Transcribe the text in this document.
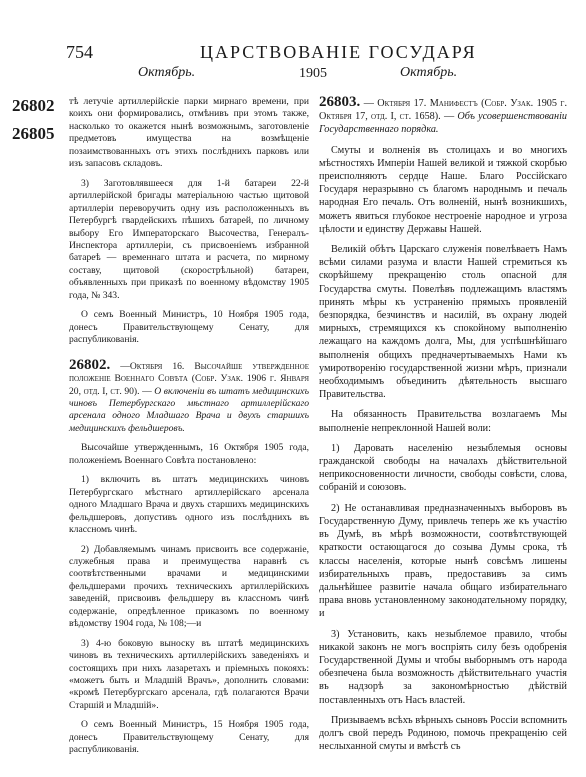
754	ЦАРСТВОВАНІЕ ГОСУДАРЯ
Октябрь.	1905	Октябрь.
26802
26805

тѣ летучіе артиллерійскіе парки мирнаго времени, при коихъ они формировались, отмѣнивъ при этомъ также, насколько то окажется нынѣ возможнымъ, заготовленіе предметовъ имущества на возмѣщеніе позаимствованныхъ отъ этихъ послѣднихъ парковъ или изъ запасовъ складовъ.

3) Заготовлявшееся для 1-й батареи 22-й артиллерійской бригады матеріальною частью щитовой артиллеріи переворучить одну изъ расположенныхъ въ Петербургѣ гвардейскихъ пѣшихъ батарей, по личному выбору Его Императорскаго Высочества, Генералъ-Инспектора артиллеріи, съ присвоеніемъ избранной батареѣ — временнаго штата и расчета, по мирному составу, щитовой (скорострѣльной) батареи, объявленныхъ при приказѣ по военному вѣдомству 1905 года, № 343.

О семъ Военный Министръ, 10 Ноября 1905 года, донесъ Правительствующему Сенату, для распубликованія.

26802. —Октября 16. Высочайше утвержденное положеніе Военнаго Совѣта (Собр. Узак. 1906 г. Января 20, отд. I, ст. 90). — О включеніи въ штатъ медицинскихъ чиновъ Петербургскаго мѣстнаго артиллерійскаго арсенала одного Младшаго Врача и двухъ старшихъ медицинскихъ фельдшеровъ.

Высочайше утвержденнымъ, 16 Октября 1905 года, положеніемъ Военнаго Совѣта постановлено:

1) включить въ штатъ медицинскихъ чиновъ Петербургскаго мѣстнаго артиллерійскаго арсенала одного Младшаго Врача и двухъ старшихъ медицинскихъ фельдшеровъ, допустивъ одного изъ послѣднихъ въ классномъ чинѣ.

2) Добавляемымъ чинамъ присвоить все содержаніе, служебныя права и преимущества наравнѣ съ соотвѣтственными врачами и медицинскими фельдшерами прочихъ техническихъ артиллерійскихъ заведеній, присвоивъ фельдшеру въ классномъ чинѣ содержаніе, опредѣленное приказомъ по военному вѣдомству 1904 года, № 108;—и

3) 4-ю боковую выноску въ штатѣ медицинскихъ чиновъ въ техническихъ артиллерійскихъ заведеніяхъ и состоящихъ при нихъ лазаретахъ и пріемныхъ покояхъ: «можетъ быть и Младшій Врачъ», дополнить словами: «кромѣ Петербургскаго арсенала, гдѣ полагаются Врачи Старшій и Младшій».

О семъ Военный Министръ, 15 Ноября 1905 года, донесъ Правительствующему Сенату, для распубликованія.

26803. — Октября 17. Манифестъ (Собр. Узак. 1905 г. Октября 17, отд. I, ст. 1658). — Объ усовершенствованіи Государственнаго порядка.

Смуты и волненія въ столицахъ и во многихъ мѣстностяхъ Имперіи Нашей великой и тяжкой скорбью преисполняютъ сердце Наше. Благо Россійскаго Государя неразрывно съ благомъ народнымъ и печаль народная Его печаль. Отъ волненій, нынѣ возникшихъ, можетъ явиться глубокое нестроеніе народное и угроза цѣлости и единству Державы Нашей.

Великій обѣтъ Царскаго служенія повелѣваетъ Намъ всѣми силами разума и власти Нашей стремиться къ скорѣйшему прекращенію столь опасной для Государства смуты. Повелѣвъ подлежащимъ властямъ принять мѣры къ устраненію прямыхъ проявленій безпорядка, безчинствъ и насилій, въ охрану людей мирныхъ, стремящихся къ спокойному выполненію лежащаго на каждомъ долга, Мы, для успѣшнѣйшаго выполненія общихъ предначертываемыхъ Нами къ умиротворенію государственной жизни мѣръ, признали необходимымъ объединить дѣятельность высшаго Правительства.

На обязанность Правительства возлагаемъ Мы выполненіе непреклонной Нашей воли:

1) Даровать населенію незыблемыя основы гражданской свободы на началахъ дѣйствительной неприкосновенности личности, свободы совѣсти, слова, собраній и союзовъ.

2) Не останавливая предназначенныхъ выборовъ въ Государственную Думу, привлечь теперь же къ участію въ Думѣ, въ мѣрѣ возможности, соотвѣтствующей краткости остающагося до созыва Думы срока, тѣ классы населенія, которые нынѣ совсѣмъ лишены избирательныхъ правъ, предоставивъ за симъ дальнѣйшее развитіе начала общаго избирательнаго права вновь установленному законодательному порядку, и

3) Установить, какъ незыблемое правило, чтобы никакой законъ не могъ воспріять силу безъ одобренія Государственной Думы и чтобы выборнымъ отъ народа обезпечена была возможность дѣйствительнаго участія въ надзорѣ за закономѣрностью дѣйствій поставленныхъ отъ Насъ властей.

Призываемъ всѣхъ вѣрныхъ сыновъ Россіи вспомнить долгъ свой передъ Родиною, помочь прекращенію сей неслыханной смуты и вмѣстѣ съ
